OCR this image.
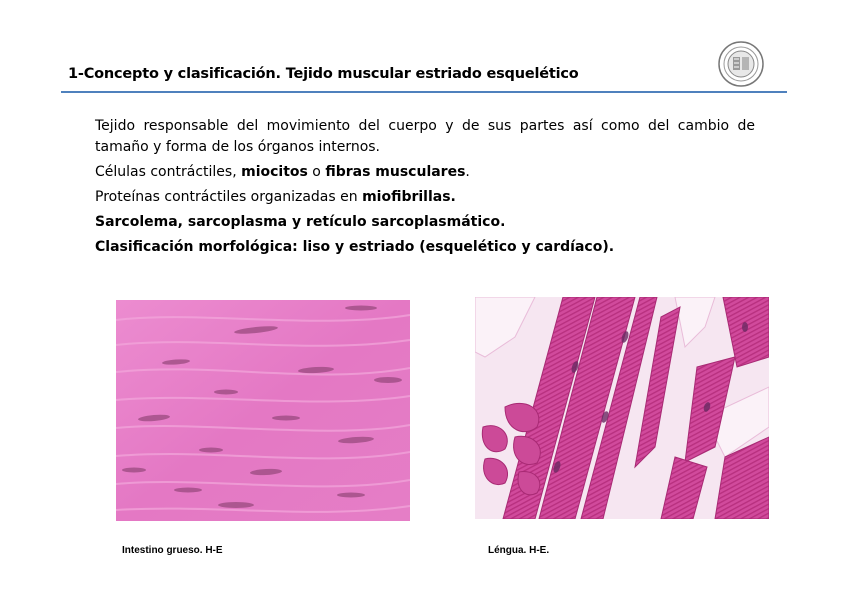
1-Concepto y clasificación. Tejido muscular estriado esquelético

Tejido responsable del movimiento del cuerpo y de sus partes así como del cambio de tamaño y forma de los órganos internos.

Células contráctiles, miocitos o fibras musculares.

Proteínas contráctiles organizadas en miofibrillas.

Sarcolema, sarcoplasma y retículo sarcoplasmático.

Clasificación morfológica: liso y estriado (esquelético y cardíaco).

Intestino grueso. H-E	Léngua. H-E.
